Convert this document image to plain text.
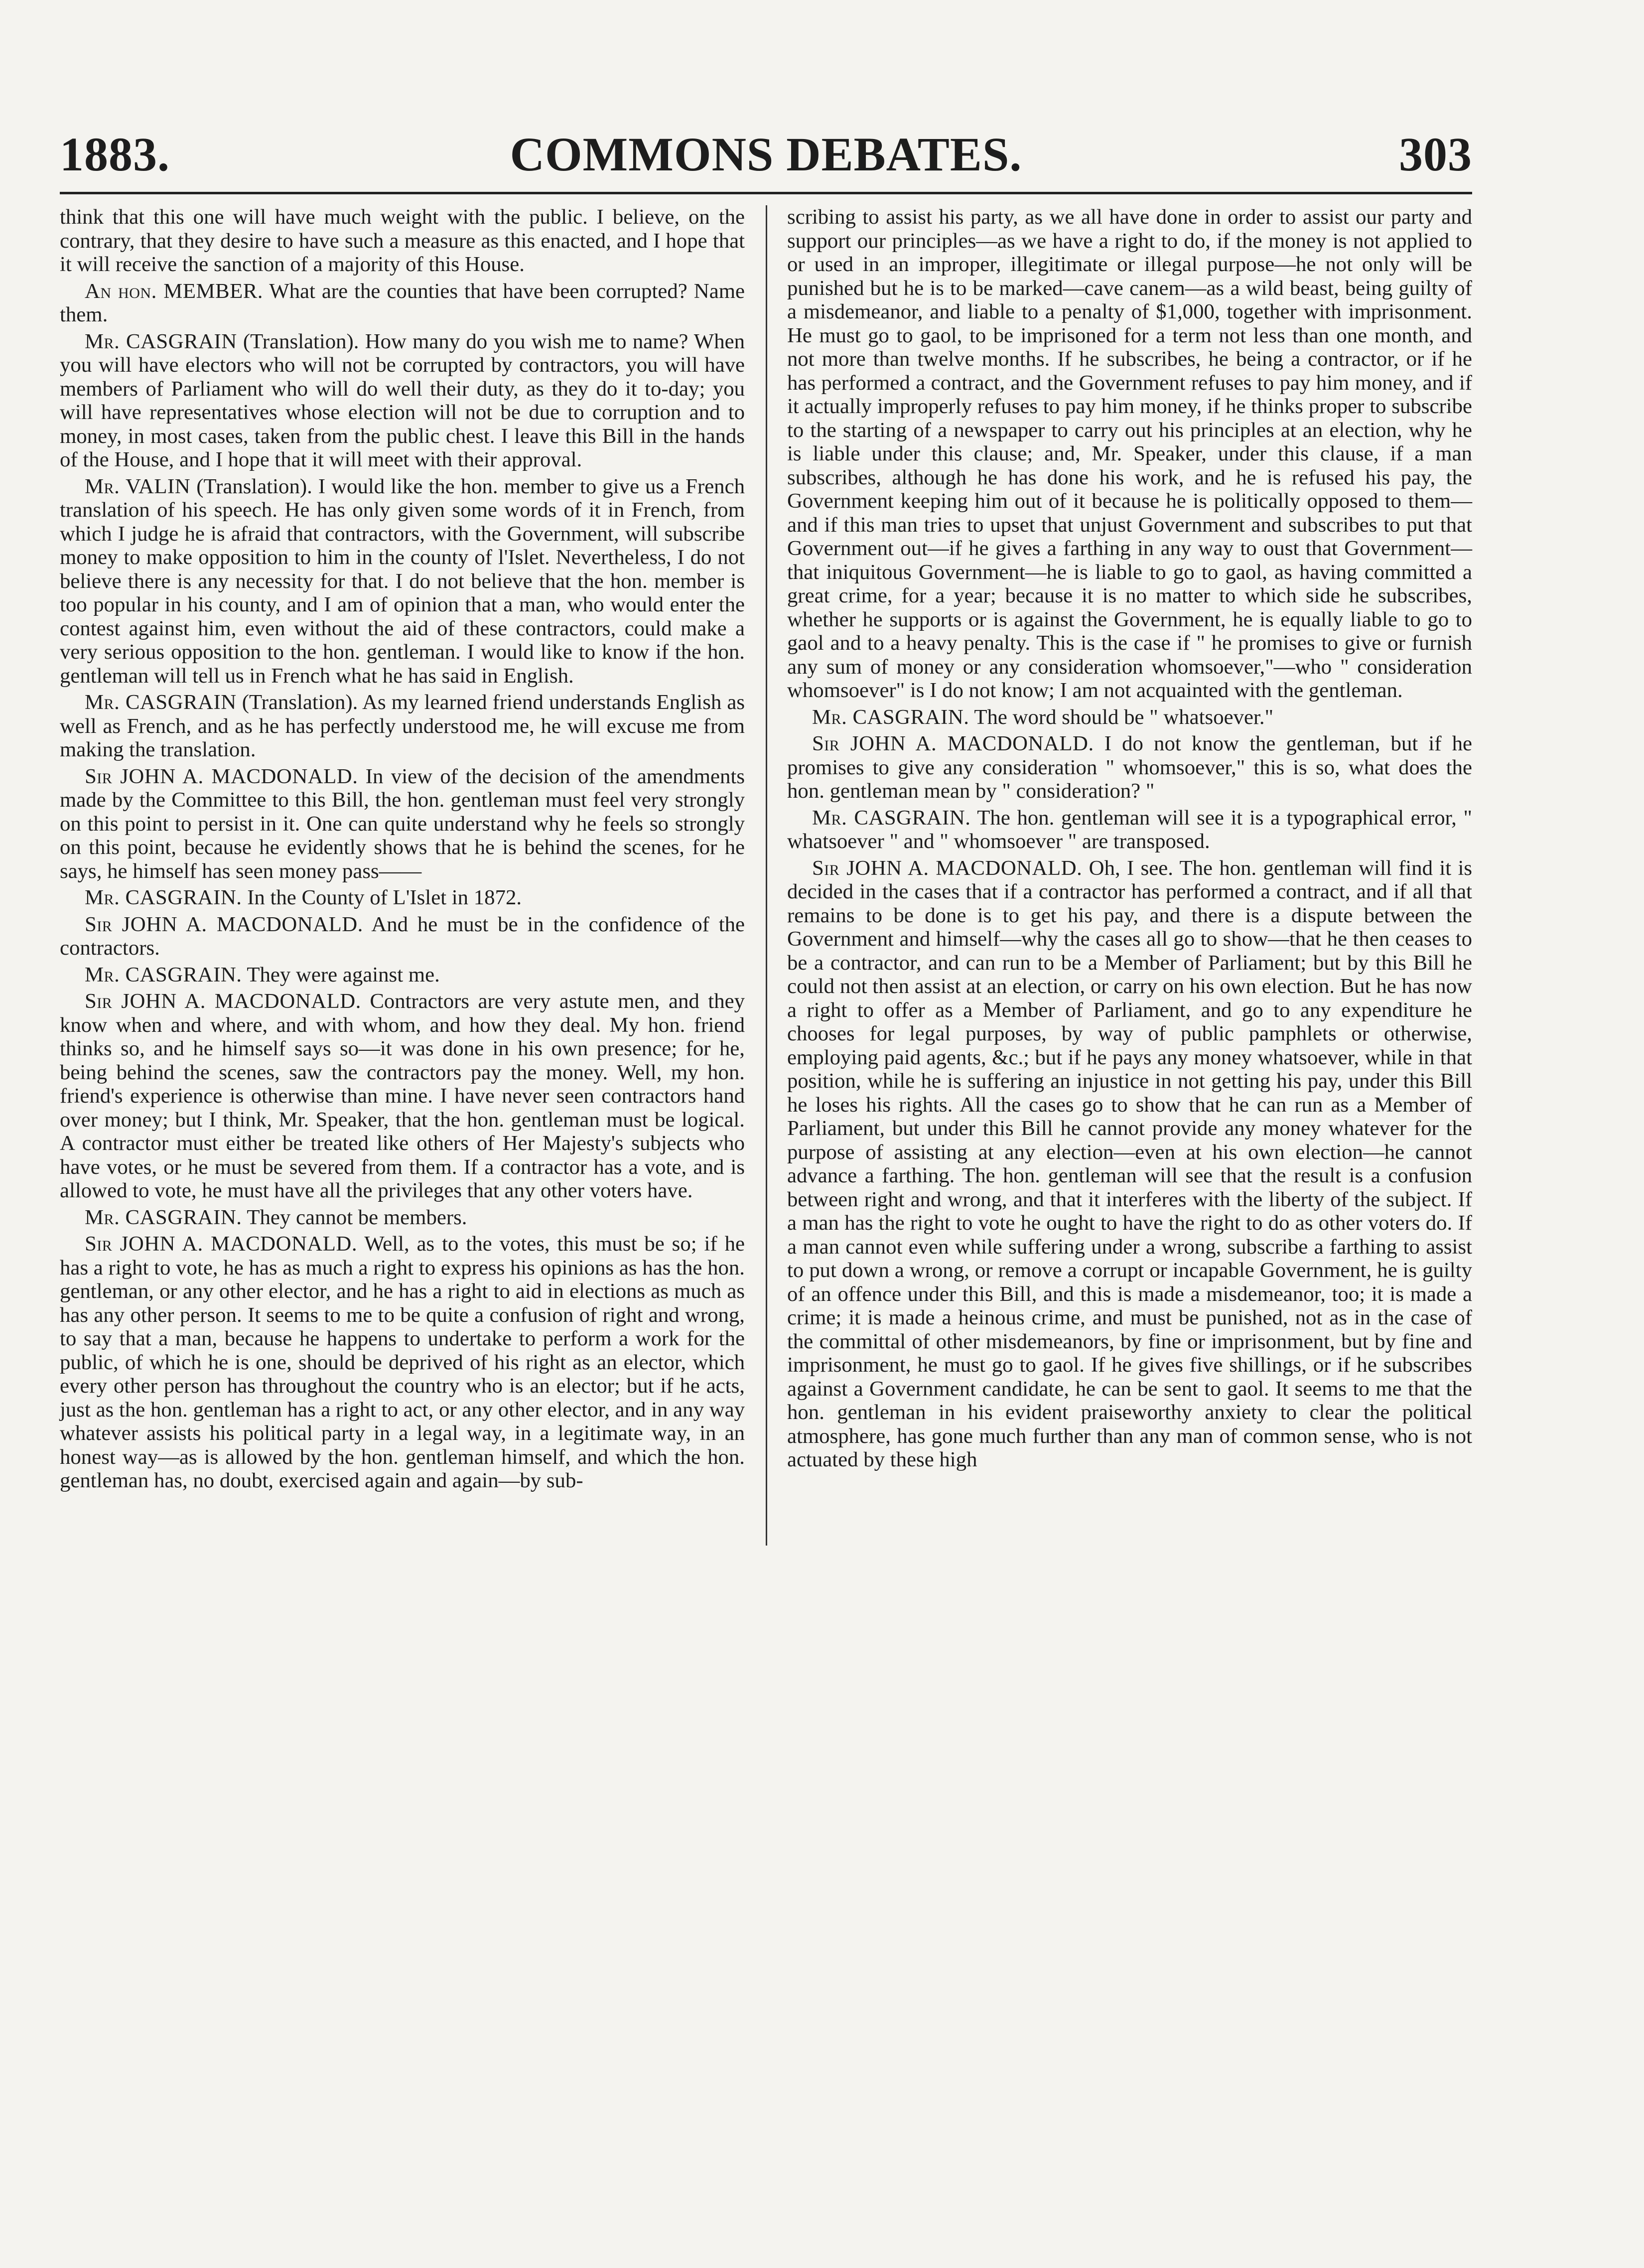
COMMONS DEBATES.
1883.	303

think that this one will have much weight with the public. I believe, on the contrary, that they desire to have such a measure as this enacted, and I hope that it will receive the sanction of a majority of this House.

An hon. MEMBER. What are the counties that have been corrupted? Name them.

Mr. CASGRAIN (Translation). How many do you wish me to name? When you will have electors who will not be corrupted by contractors, you will have members of Parliament who will do well their duty, as they do it to-day; you will have representatives whose election will not be due to corruption and to money, in most cases, taken from the public chest. I leave this Bill in the hands of the House, and I hope that it will meet with their approval.

Mr. VALIN (Translation). I would like the hon. member to give us a French translation of his speech. He has only given some words of it in French, from which I judge he is afraid that contractors, with the Government, will subscribe money to make opposition to him in the county of l'Islet. Nevertheless, I do not believe there is any necessity for that. I do not believe that the hon. member is too popular in his county, and I am of opinion that a man, who would enter the contest against him, even without the aid of these contractors, could make a very serious opposition to the hon. gentleman. I would like to know if the hon. gentleman will tell us in French what he has said in English.

Mr. CASGRAIN (Translation). As my learned friend understands English as well as French, and as he has perfectly understood me, he will excuse me from making the translation.

Sir JOHN A. MACDONALD. In view of the decision of the amendments made by the Committee to this Bill, the hon. gentleman must feel very strongly on this point to persist in it. One can quite understand why he feels so strongly on this point, because he evidently shows that he is behind the scenes, for he says, he himself has seen money pass——

Mr. CASGRAIN. In the County of L'Islet in 1872.

Sir JOHN A. MACDONALD. And he must be in the confidence of the contractors.

Mr. CASGRAIN. They were against me.

Sir JOHN A. MACDONALD. Contractors are very astute men, and they know when and where, and with whom, and how they deal. My hon. friend thinks so, and he himself says so—it was done in his own presence; for he, being behind the scenes, saw the contractors pay the money. Well, my hon. friend's experience is otherwise than mine. I have never seen contractors hand over money; but I think, Mr. Speaker, that the hon. gentleman must be logical. A contractor must either be treated like others of Her Majesty's subjects who have votes, or he must be severed from them. If a contractor has a vote, and is allowed to vote, he must have all the privileges that any other voters have.

Mr. CASGRAIN. They cannot be members.

Sir JOHN A. MACDONALD. Well, as to the votes, this must be so; if he has a right to vote, he has as much a right to express his opinions as has the hon. gentleman, or any other elector, and he has a right to aid in elections as much as has any other person. It seems to me to be quite a confusion of right and wrong, to say that a man, because he happens to undertake to perform a work for the public, of which he is one, should be deprived of his right as an elector, which every other person has throughout the country who is an elector; but if he acts, just as the hon. gentleman has a right to act, or any other elector, and in any way whatever assists his political party in a legal way, in a legitimate way, in an honest way—as is allowed by the hon. gentleman himself, and which the hon. gentleman has, no doubt, exercised again and again—by sub-

scribing to assist his party, as we all have done in order to assist our party and support our principles—as we have a right to do, if the money is not applied to or used in an improper, illegitimate or illegal purpose—he not only will be punished but he is to be marked—cave canem—as a wild beast, being guilty of a misdemeanor, and liable to a penalty of $1,000, together with imprisonment. He must go to gaol, to be imprisoned for a term not less than one month, and not more than twelve months. If he subscribes, he being a contractor, or if he has performed a contract, and the Government refuses to pay him money, and if it actually improperly refuses to pay him money, if he thinks proper to subscribe to the starting of a newspaper to carry out his principles at an election, why he is liable under this clause; and, Mr. Speaker, under this clause, if a man subscribes, although he has done his work, and he is refused his pay, the Government keeping him out of it because he is politically opposed to them—and if this man tries to upset that unjust Government and subscribes to put that Government out—if he gives a farthing in any way to oust that Government—that iniquitous Government—he is liable to go to gaol, as having committed a great crime, for a year; because it is no matter to which side he subscribes, whether he supports or is against the Government, he is equally liable to go to gaol and to a heavy penalty. This is the case if " he promises to give or furnish any sum of money or any consideration whomsoever,"—who " consideration whomsoever" is I do not know; I am not acquainted with the gentleman.

Mr. CASGRAIN. The word should be " whatsoever."

Sir JOHN A. MACDONALD. I do not know the gentleman, but if he promises to give any consideration " whomsoever," this is so, what does the hon. gentleman mean by " consideration? "

Mr. CASGRAIN. The hon. gentleman will see it is a typographical error, " whatsoever " and " whomsoever " are transposed.

Sir JOHN A. MACDONALD. Oh, I see. The hon. gentleman will find it is decided in the cases that if a contractor has performed a contract, and if all that remains to be done is to get his pay, and there is a dispute between the Government and himself—why the cases all go to show—that he then ceases to be a contractor, and can run to be a Member of Parliament; but by this Bill he could not then assist at an election, or carry on his own election. But he has now a right to offer as a Member of Parliament, and go to any expenditure he chooses for legal purposes, by way of public pamphlets or otherwise, employing paid agents, &c.; but if he pays any money whatsoever, while in that position, while he is suffering an injustice in not getting his pay, under this Bill he loses his rights. All the cases go to show that he can run as a Member of Parliament, but under this Bill he cannot provide any money whatever for the purpose of assisting at any election—even at his own election—he cannot advance a farthing. The hon. gentleman will see that the result is a confusion between right and wrong, and that it interferes with the liberty of the subject. If a man has the right to vote he ought to have the right to do as other voters do. If a man cannot even while suffering under a wrong, subscribe a farthing to assist to put down a wrong, or remove a corrupt or incapable Government, he is guilty of an offence under this Bill, and this is made a misdemeanor, too; it is made a crime; it is made a heinous crime, and must be punished, not as in the case of the committal of other misdemeanors, by fine or imprisonment, but by fine and imprisonment, he must go to gaol. If he gives five shillings, or if he subscribes against a Government candidate, he can be sent to gaol. It seems to me that the hon. gentleman in his evident praiseworthy anxiety to clear the political atmosphere, has gone much further than any man of common sense, who is not actuated by these high
